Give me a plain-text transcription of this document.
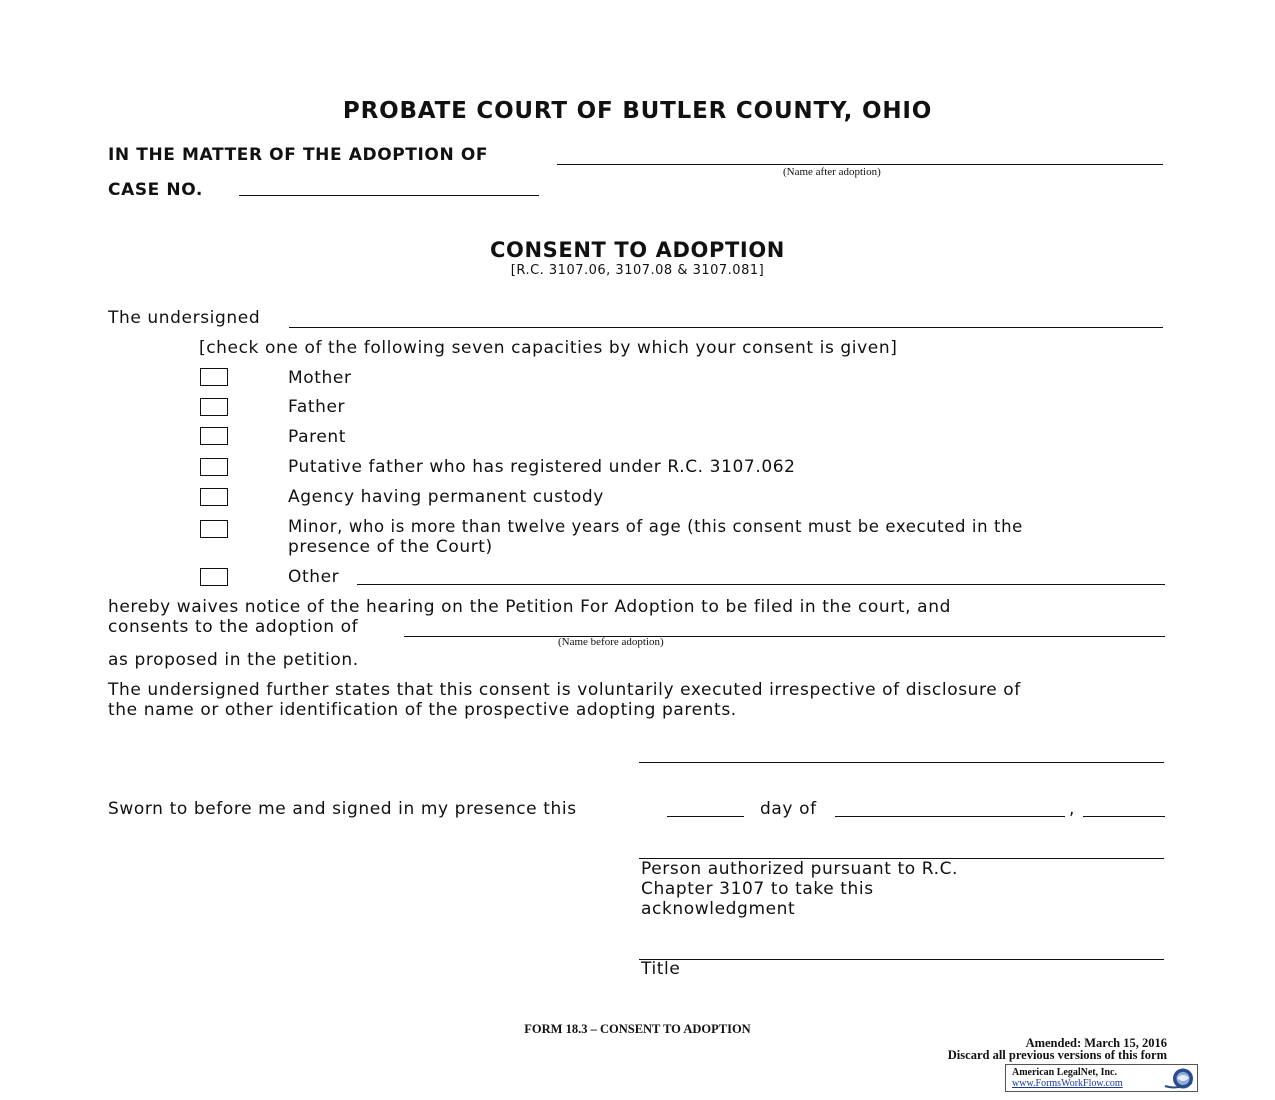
PROBATE COURT OF BUTLER COUNTY, OHIO
IN THE MATTER OF THE ADOPTION OF
(Name after adoption)
CASE NO.
CONSENT TO ADOPTION
[R.C. 3107.06, 3107.08 & 3107.081]
The undersigned
[check one of the following seven capacities by which your consent is given]
Mother
Father
Parent
Putative father who has registered under R.C. 3107.062
Agency having permanent custody
Minor, who is more than twelve years of age (this consent must be executed in the
presence of the Court)
Other
hereby waives notice of the hearing on the Petition For Adoption to be filed in the court, and
consents to the adoption of
(Name before adoption)
as proposed in the petition.
The undersigned further states that this consent is voluntarily executed irrespective of disclosure of
the name or other identification of the prospective adopting parents.
Sworn to before me and signed in my presence this	day of	,
Person authorized pursuant to R.C.
Chapter 3107 to take this
acknowledgment
Title
FORM 18.3 – CONSENT TO ADOPTION
Amended: March 15, 2016
Discard all previous versions of this form
American LegalNet, Inc.
www.FormsWorkFlow.com
